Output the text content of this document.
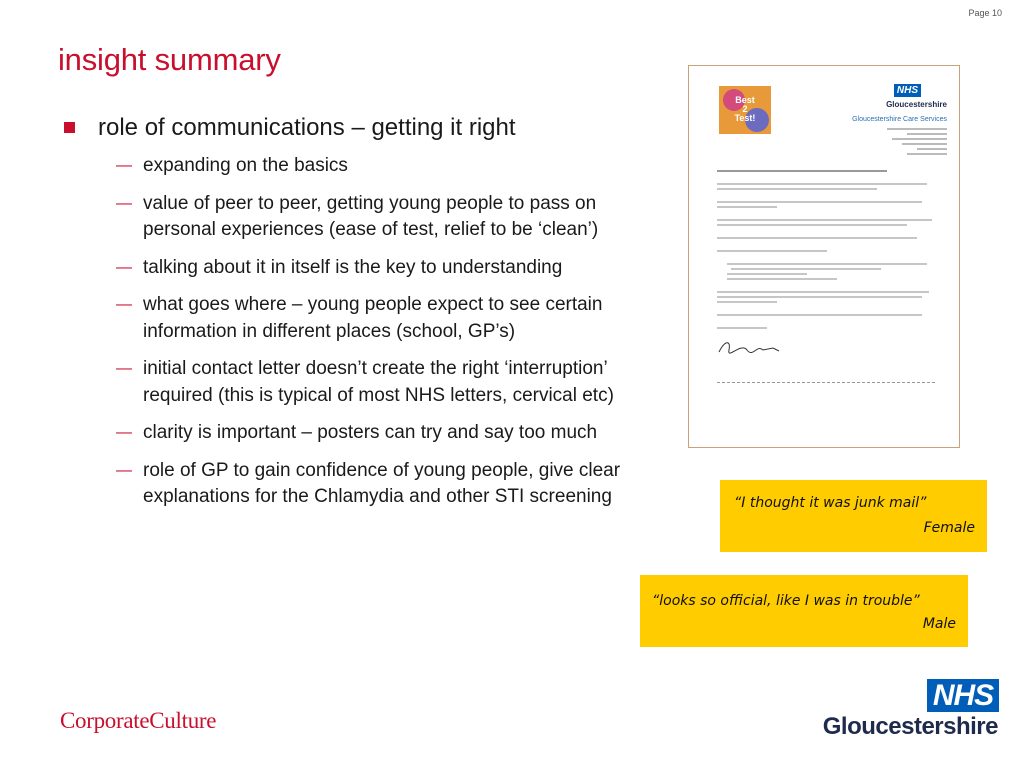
Page 10
insight summary
role of communications – getting it right
— expanding on the basics
— value of peer to peer, getting young people to pass on personal experiences (ease of test, relief to be ‘clean’)
— talking about it in itself is the key to understanding
— what goes where – young people expect to see certain information in different places (school, GP’s)
— initial contact letter doesn’t create the right ‘interruption’ required (this is typical of most NHS letters, cervical etc)
— clarity is important – posters can try and say too much
— role of GP to gain confidence of young people, give clear explanations for the Chlamydia and other STI screening
Best
2
Test!
NHS
Gloucestershire
Gloucestershire Care Services
“I thought it was junk mail”
Female
“looks so official, like I was in trouble”
Male
CorporateCulture
NHS
Gloucestershire
